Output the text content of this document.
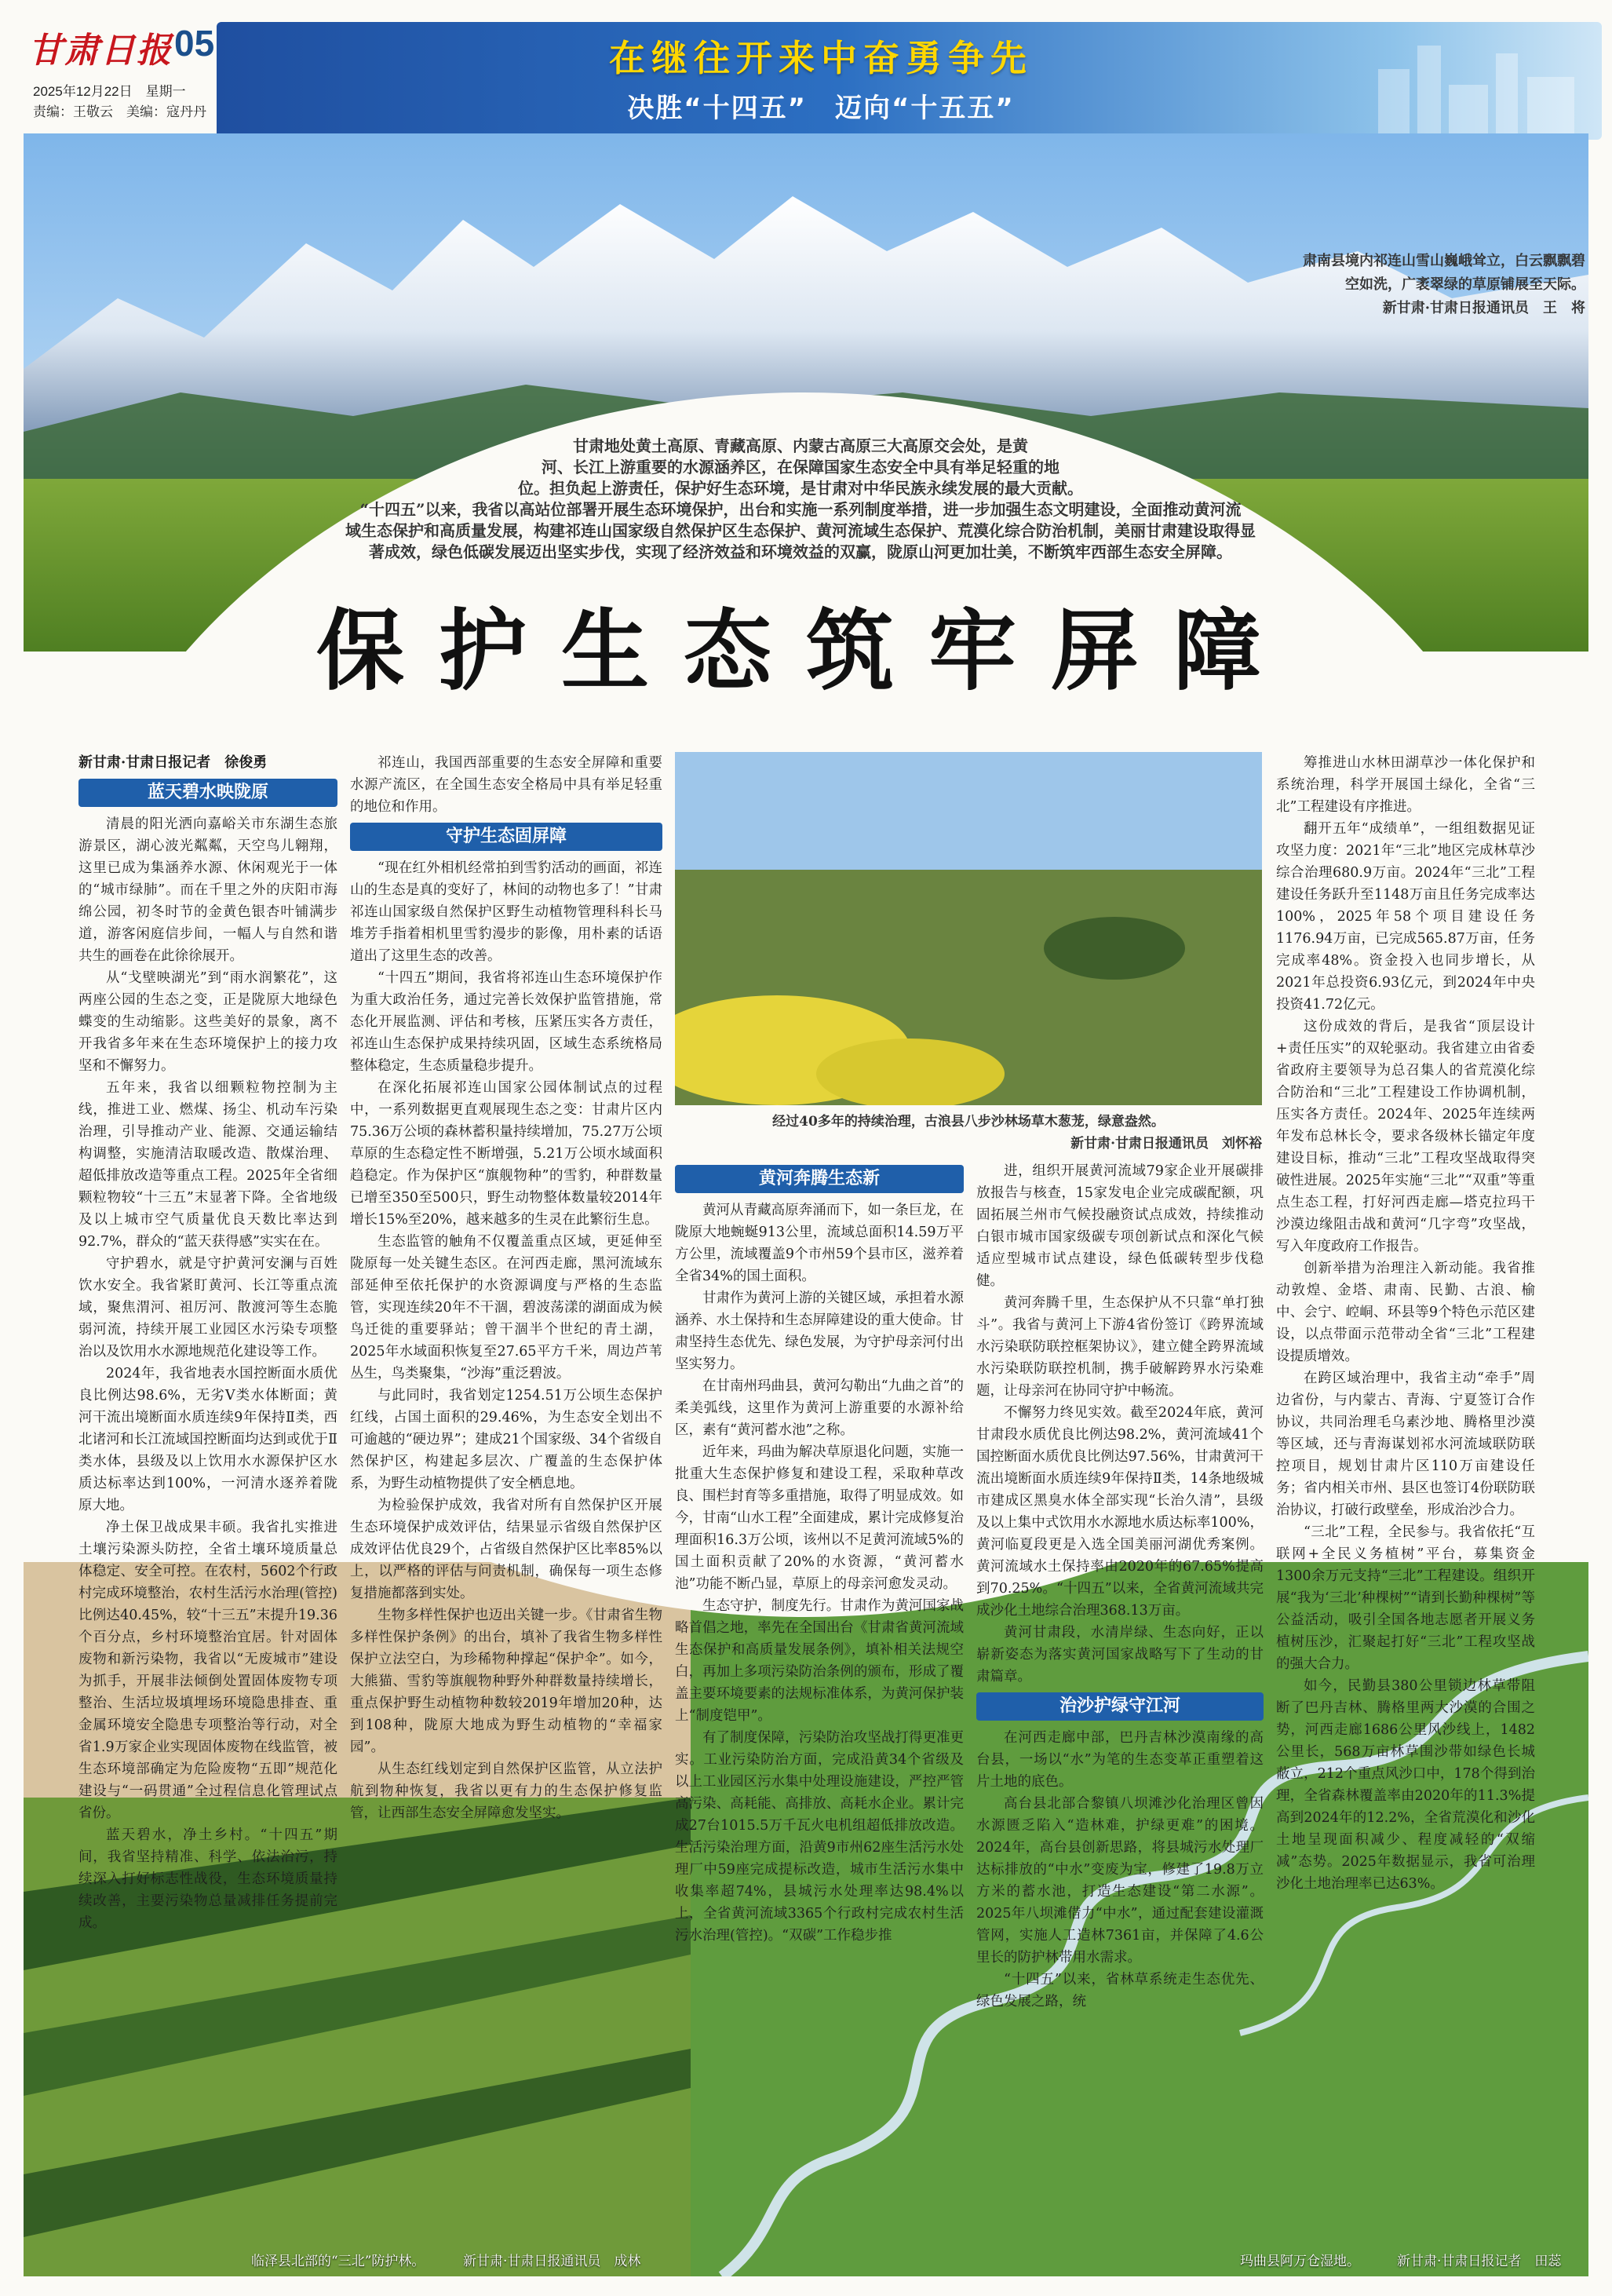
甘肃日报 05
2025年12月22日　星期一
责编：王敬云　美编：寇丹丹
在继往开来中奋勇争先
决胜“十四五”　迈向“十五五”
肃南县境内祁连山雪山巍峨耸立，白云飘飘碧
空如洗，广袤翠绿的草原铺展至天际。
新甘肃·甘肃日报通讯员　王　将
临泽县北部的“三北”防护林。	新甘肃·甘肃日报通讯员　成林	玛曲县阿万仓湿地。	新甘肃·甘肃日报记者　田蕊
甘肃地处黄土高原、青藏高原、内蒙古高原三大高原交会处，是黄
河、长江上游重要的水源涵养区，在保障国家生态安全中具有举足轻重的地
位。担负起上游责任，保护好生态环境，是甘肃对中华民族永续发展的最大贡献。
“十四五”以来，我省以高站位部署开展生态环境保护，出台和实施一系列制度举措，进一步加强生态文明建设，全面推动黄河流
域生态保护和高质量发展，构建祁连山国家级自然保护区生态保护、黄河流域生态保护、荒漠化综合防治机制，美丽甘肃建设取得显
著成效，绿色低碳发展迈出坚实步伐，实现了经济效益和环境效益的双赢，陇原山河更加壮美，不断筑牢西部生态安全屏障。
保护生态筑牢屏障
新甘肃·甘肃日报记者　徐俊勇
蓝天碧水映陇原

清晨的阳光洒向嘉峪关市东湖生态旅游景区，湖心波光粼粼，天空鸟儿翱翔，这里已成为集涵养水源、休闲观光于一体的“城市绿肺”。而在千里之外的庆阳市海绵公园，初冬时节的金黄色银杏叶铺满步道，游客闲庭信步间，一幅人与自然和谐共生的画卷在此徐徐展开。

从“戈壁映湖光”到“雨水润繁花”，这两座公园的生态之变，正是陇原大地绿色蝶变的生动缩影。这些美好的景象，离不开我省多年来在生态环境保护上的接力攻坚和不懈努力。

五年来，我省以细颗粒物控制为主线，推进工业、燃煤、扬尘、机动车污染治理，引导推动产业、能源、交通运输结构调整，实施清洁取暖改造、散煤治理、超低排放改造等重点工程。2025年全省细颗粒物较“十三五”末显著下降。全省地级及以上城市空气质量优良天数比率达到92.7%，群众的“蓝天获得感”实实在在。

守护碧水，就是守护黄河安澜与百姓饮水安全。我省紧盯黄河、长江等重点流域，聚焦渭河、祖厉河、散渡河等生态脆弱河流，持续开展工业园区水污染专项整治以及饮用水水源地规范化建设等工作。

2024年，我省地表水国控断面水质优良比例达98.6%，无劣Ⅴ类水体断面；黄河干流出境断面水质连续9年保持Ⅱ类，西北诸河和长江流域国控断面均达到或优于Ⅱ类水体，县级及以上饮用水水源保护区水质达标率达到100%，一河清水逐养着陇原大地。

净土保卫战成果丰硕。我省扎实推进土壤污染源头防控，全省土壤环境质量总体稳定、安全可控。在农村，5602个行政村完成环境整治，农村生活污水治理(管控)比例达40.45%，较“十三五”末提升19.36个百分点，乡村环境整治宜居。针对固体废物和新污染物，我省以“无废城市”建设为抓手，开展非法倾倒处置固体废物专项整治、生活垃圾填埋场环境隐患排查、重金属环境安全隐患专项整治等行动，对全省1.9万家企业实现固体废物在线监管，被生态环境部确定为危险废物“五即”规范化建设与“一码贯通”全过程信息化管理试点省份。

蓝天碧水，净土乡村。“十四五”期间，我省坚持精准、科学、依法治污，持续深入打好标志性战役，生态环境质量持续改善，主要污染物总量减排任务提前完成。

祁连山，我国西部重要的生态安全屏障和重要水源产流区，在全国生态安全格局中具有举足轻重的地位和作用。

守护生态固屏障

“现在红外相机经常拍到雪豹活动的画面，祁连山的生态是真的变好了，林间的动物也多了！”甘肃祁连山国家级自然保护区野生动植物管理科科长马堆芳手指着相机里雪豹漫步的影像，用朴素的话语道出了这里生态的改善。

“十四五”期间，我省将祁连山生态环境保护作为重大政治任务，通过完善长效保护监管措施，常态化开展监测、评估和考核，压紧压实各方责任，祁连山生态保护成果持续巩固，区域生态系统格局整体稳定，生态质量稳步提升。

在深化拓展祁连山国家公园体制试点的过程中，一系列数据更直观展现生态之变：甘肃片区内75.36万公顷的森林蓄积量持续增加，75.27万公顷草原的生态稳定性不断增强，5.21万公顷水域面积趋稳定。作为保护区“旗舰物种”的雪豹，种群数量已增至350至500只，野生动物整体数量较2014年增长15%至20%，越来越多的生灵在此繁衍生息。

生态监管的触角不仅覆盖重点区域，更延伸至陇原每一处关键生态区。在河西走廊，黑河流域东部延伸至依托保护的水资源调度与严格的生态监管，实现连续20年不干涸，碧波荡漾的湖面成为候鸟迁徙的重要驿站；曾干涸半个世纪的青土湖，2025年水域面积恢复至27.65平方千米，周边芦苇丛生，鸟类聚集，“沙海”重泛碧波。

与此同时，我省划定1254.51万公顷生态保护红线，占国土面积的29.46%，为生态安全划出不可逾越的“硬边界”；建成21个国家级、34个省级自然保护区，构建起多层次、广覆盖的生态保护体系，为野生动植物提供了安全栖息地。

为检验保护成效，我省对所有自然保护区开展生态环境保护成效评估，结果显示省级自然保护区成效评估优良29个，占省级自然保护区比率85%以上，以严格的评估与问责机制，确保每一项生态修复措施都落到实处。

生物多样性保护也迈出关键一步。《甘肃省生物多样性保护条例》的出台，填补了我省生物多样性保护立法空白，为珍稀物种撑起“保护伞”。如今，大熊猫、雪豹等旗舰物种野外种群数量持续增长，重点保护野生动植物种数较2019年增加20种，达到108种，陇原大地成为野生动植物的“幸福家园”。

从生态红线划定到自然保护区监管，从立法护航到物种恢复，我省以更有力的生态保护修复监管，让西部生态安全屏障愈发坚实。

经过40多年的持续治理，古浪县八步沙林场草木葱茏，绿意盎然。
新甘肃·甘肃日报通讯员　刘怀裕
黄河奔腾生态新

黄河从青藏高原奔涌而下，如一条巨龙，在陇原大地蜿蜒913公里，流域总面积14.59万平方公里，流域覆盖9个市州59个县市区，滋养着全省34%的国土面积。

甘肃作为黄河上游的关键区域，承担着水源涵养、水土保持和生态屏障建设的重大使命。甘肃坚持生态优先、绿色发展，为守护母亲河付出坚实努力。

在甘南州玛曲县，黄河勾勒出“九曲之首”的柔美弧线，这里作为黄河上游重要的水源补给区，素有“黄河蓄水池”之称。

近年来，玛曲为解决草原退化问题，实施一批重大生态保护修复和建设工程，采取种草改良、围栏封育等多重措施，取得了明显成效。如今，甘南“山水工程”全面建成，累计完成修复治理面积16.3万公顷，该州以不足黄河流域5%的国土面积贡献了20%的水资源，“黄河蓄水池”功能不断凸显，草原上的母亲河愈发灵动。

生态守护，制度先行。甘肃作为黄河国家战略首倡之地，率先在全国出台《甘肃省黄河流域生态保护和高质量发展条例》，填补相关法规空白，再加上多项污染防治条例的颁布，形成了覆盖主要环境要素的法规标准体系，为黄河保护装上“制度铠甲”。

有了制度保障，污染防治攻坚战打得更准更实。工业污染防治方面，完成沿黄34个省级及以上工业园区污水集中处理设施建设，严控严管高污染、高耗能、高排放、高耗水企业。累计完成27台1015.5万千瓦火电机组超低排放改造。生活污染治理方面，沿黄9市州62座生活污水处理厂中59座完成提标改造，城市生活污水集中收集率超74%，县城污水处理率达98.4%以上，全省黄河流域3365个行政村完成农村生活污水治理(管控)。“双碳”工作稳步推

进，组织开展黄河流域79家企业开展碳排放报告与核查，15家发电企业完成碳配额，巩固拓展兰州市气候投融资试点成效，持续推动白银市城市国家级碳专项创新试点和深化气候适应型城市试点建设，绿色低碳转型步伐稳健。

黄河奔腾千里，生态保护从不只靠“单打独斗”。我省与黄河上下游4省份签订《跨界流域水污染联防联控框架协议》，建立健全跨界流域水污染联防联控机制，携手破解跨界水污染难题，让母亲河在协同守护中畅流。

不懈努力终见实效。截至2024年底，黄河甘肃段水质优良比例达98.2%，黄河流域41个国控断面水质优良比例达97.56%，甘肃黄河干流出境断面水质连续9年保持Ⅱ类，14条地级城市建成区黑臭水体全部实现“长治久清”，县级及以上集中式饮用水水源地水质达标率100%，黄河临夏段更是入选全国美丽河湖优秀案例。黄河流域水土保持率由2020年的67.65%提高到70.25%。“十四五”以来，全省黄河流域共完成沙化土地综合治理368.13万亩。

黄河甘肃段，水清岸绿、生态向好，正以崭新姿态为落实黄河国家战略写下了生动的甘肃篇章。

治沙护绿守江河

在河西走廊中部，巴丹吉林沙漠南缘的高台县，一场以“水”为笔的生态变革正重塑着这片土地的底色。

高台县北部合黎镇八坝滩沙化治理区曾因水源匮乏陷入“造林难，护绿更难”的困境。2024年，高台县创新思路，将县城污水处理厂达标排放的“中水”变废为宝，修建了19.8万立方米的蓄水池，打造生态建设“第二水源”。2025年八坝滩借力“中水”，通过配套建设灌溉管网，实施人工造林7361亩，并保障了4.6公里长的防护林带用水需求。

“十四五”以来，省林草系统走生态优先、绿色发展之路，统

筹推进山水林田湖草沙一体化保护和系统治理，科学开展国土绿化，全省“三北”工程建设有序推进。

翻开五年“成绩单”，一组组数据见证攻坚力度：2021年“三北”地区完成林草沙综合治理680.9万亩。2024年“三北”工程建设任务跃升至1148万亩且任务完成率达100%，2025年58个项目建设任务1176.94万亩，已完成565.87万亩，任务完成率48%。资金投入也同步增长，从2021年总投资6.93亿元，到2024年中央投资41.72亿元。

这份成效的背后，是我省“顶层设计+责任压实”的双轮驱动。我省建立由省委省政府主要领导为总召集人的省荒漠化综合防治和“三北”工程建设工作协调机制，压实各方责任。2024年、2025年连续两年发布总林长令，要求各级林长锚定年度建设目标，推动“三北”工程攻坚战取得突破性进展。2025年实施“三北”“双重”等重点生态工程，打好河西走廊—塔克拉玛干沙漠边缘阻击战和黄河“几字弯”攻坚战，写入年度政府工作报告。

创新举措为治理注入新动能。我省推动敦煌、金塔、肃南、民勤、古浪、榆中、会宁、崆峒、环县等9个特色示范区建设，以点带面示范带动全省“三北”工程建设提质增效。

在跨区域治理中，我省主动“牵手”周边省份，与内蒙古、青海、宁夏签订合作协议，共同治理毛乌素沙地、腾格里沙漠等区域，还与青海谋划祁水河流域联防联控项目，规划甘肃片区110万亩建设任务；省内相关市州、县区也签订4份联防联治协议，打破行政壁垒，形成治沙合力。

“三北”工程，全民参与。我省依托“互联网+全民义务植树”平台，募集资金1300余万元支持“三北”工程建设。组织开展“我为‘三北’种棵树”“请到长勤种棵树”等公益活动，吸引全国各地志愿者开展义务植树压沙，汇聚起打好“三北”工程攻坚战的强大合力。

如今，民勤县380公里锁边林草带阻断了巴丹吉林、腾格里两大沙漠的合围之势，河西走廊1686公里风沙线上，1482公里长，568万亩林草围沙带如绿色长城蔽立，212个重点风沙口中，178个得到治理，全省森林覆盖率由2020年的11.3%提高到2024年的12.2%，全省荒漠化和沙化土地呈现面积减少、程度减轻的“双缩减”态势。2025年数据显示，我省可治理沙化土地治理率已达63%。
